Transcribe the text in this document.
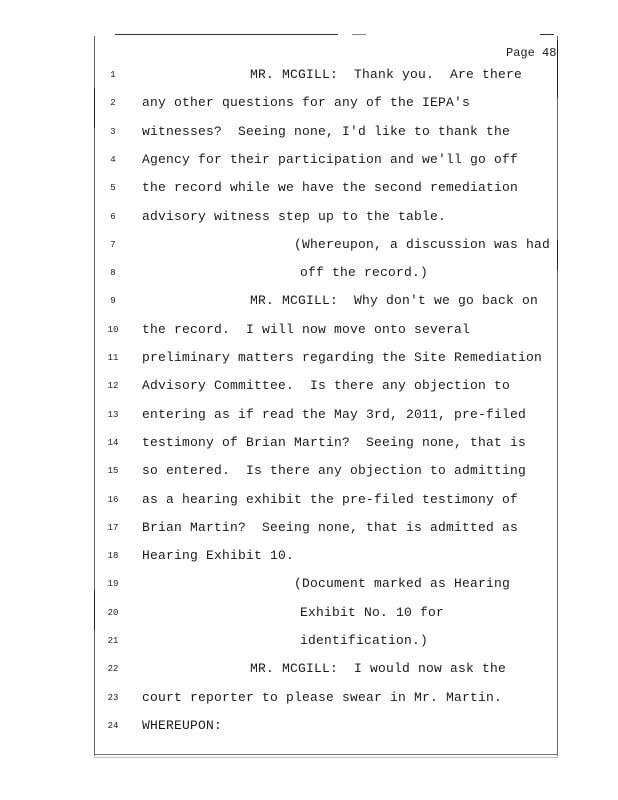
Page 48
1	MR. MCGILL:  Thank you.  Are there
2	any other questions for any of the IEPA's
3	witnesses?  Seeing none, I'd like to thank the
4	Agency for their participation and we'll go off
5	the record while we have the second remediation
6	advisory witness step up to the table.
7	(Whereupon, a discussion was had
8	off the record.)
9	MR. MCGILL:  Why don't we go back on
10	the record.  I will now move onto several
11	preliminary matters regarding the Site Remediation
12	Advisory Committee.  Is there any objection to
13	entering as if read the May 3rd, 2011, pre-filed
14	testimony of Brian Martin?  Seeing none, that is
15	so entered.  Is there any objection to admitting
16	as a hearing exhibit the pre-filed testimony of
17	Brian Martin?  Seeing none, that is admitted as
18	Hearing Exhibit 10.
19	(Document marked as Hearing
20	Exhibit No. 10 for
21	identification.)
22	MR. MCGILL:  I would now ask the
23	court reporter to please swear in Mr. Martin.
24	WHEREUPON:
